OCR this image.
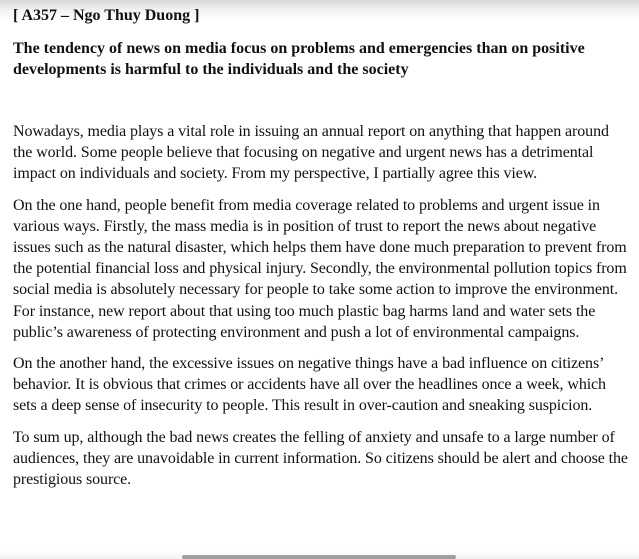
[ A357 – Ngo Thuy Duong ]
The tendency of news on media focus on problems and emergencies than on positive developments is harmful to the individuals and the society

Nowadays, media plays a vital role in issuing an annual report on anything that happen around the world. Some people believe that focusing on negative and urgent news has a detrimental impact on individuals and society. From my perspective, I partially agree this view.

On the one hand, people benefit from media coverage related to problems and urgent issue in various ways. Firstly, the mass media is in position of trust to report the news about negative issues such as the natural disaster, which helps them have done much preparation to prevent from the potential financial loss and physical injury. Secondly, the environmental pollution topics from social media is absolutely necessary for people to take some action to improve the environment. For instance, new report about that using too much plastic bag harms land and water sets the public’s awareness of protecting environment and push a lot of environmental campaigns.

On the another hand, the excessive issues on negative things have a bad influence on citizens’ behavior. It is obvious that crimes or accidents have all over the headlines once a week, which sets a deep sense of insecurity to people. This result in over-caution and sneaking suspicion.

To sum up, although the bad news creates the felling of anxiety and unsafe to a large number of audiences, they are unavoidable in current information. So citizens should be alert and choose the prestigious source.
